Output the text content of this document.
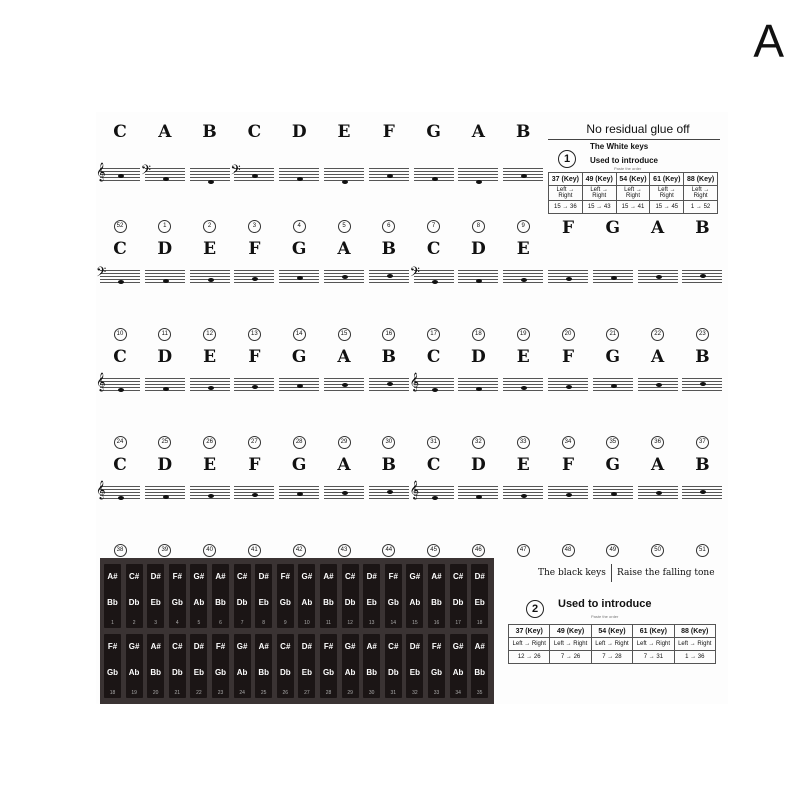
A
C
𝄞
A
𝄢
B	C
𝄢
D	E	F	G	A	B	No residual glue off
1
The White keys
Used to introduce
Paste the order
37 (Key)	49 (Key)	54 (Key)	61 (Key)	88 (Key)
Left → Right	Left → Right	Left → Right	Left → Right	Left → Right
15 → 36	15 → 43	15 → 41	15 → 45	1 → 52
52
C
𝄢
1
D
2
E
3
F
4
G
5
A
6
B
7
C
𝄢
8
D
9
E
F	G	A	B
10
C
𝄞
11
D
12
E
13
F
14
G
15
A
16
B
17
C
𝄞
18
D
19
E
20
F
21
G
22
A
23
B
24
C
𝄞
25
D
26
E
27
F
28
G
29
A
30
B
31
C
𝄞
32
D
33
E
34
F
35
G
36
A
37
B
38	39	40	41	42	43	44	45	46	47	48	49	50	51
A#
Bb
1
C#
Db
2
D#
Eb
3
F#
Gb
4
G#
Ab
5
A#
Bb
6
C#
Db
7
D#
Eb
8
F#
Gb
9
G#
Ab
10
A#
Bb
11
C#
Db
12
D#
Eb
13
F#
Gb
14
G#
Ab
15
A#
Bb
16
C#
Db
17
D#
Eb
18
F#
Gb
18
G#
Ab
19
A#
Bb
20
C#
Db
21
D#
Eb
22
F#
Gb
23
G#
Ab
24
A#
Bb
25
C#
Db
26
D#
Eb
27
F#
Gb
28
G#
Ab
29
A#
Bb
30
C#
Db
31
D#
Eb
32
F#
Gb
33
G#
Ab
34
A#
Bb
35
The black keys Raise the falling tone
2	Used to introduce
Paste the order
37 (Key)	49 (Key)	54 (Key)	61 (Key)	88 (Key)
Left → Right	Left → Right	Left → Right	Left → Right	Left → Right
12 → 26	7 → 26	7 → 28	7 → 31	1 → 36
